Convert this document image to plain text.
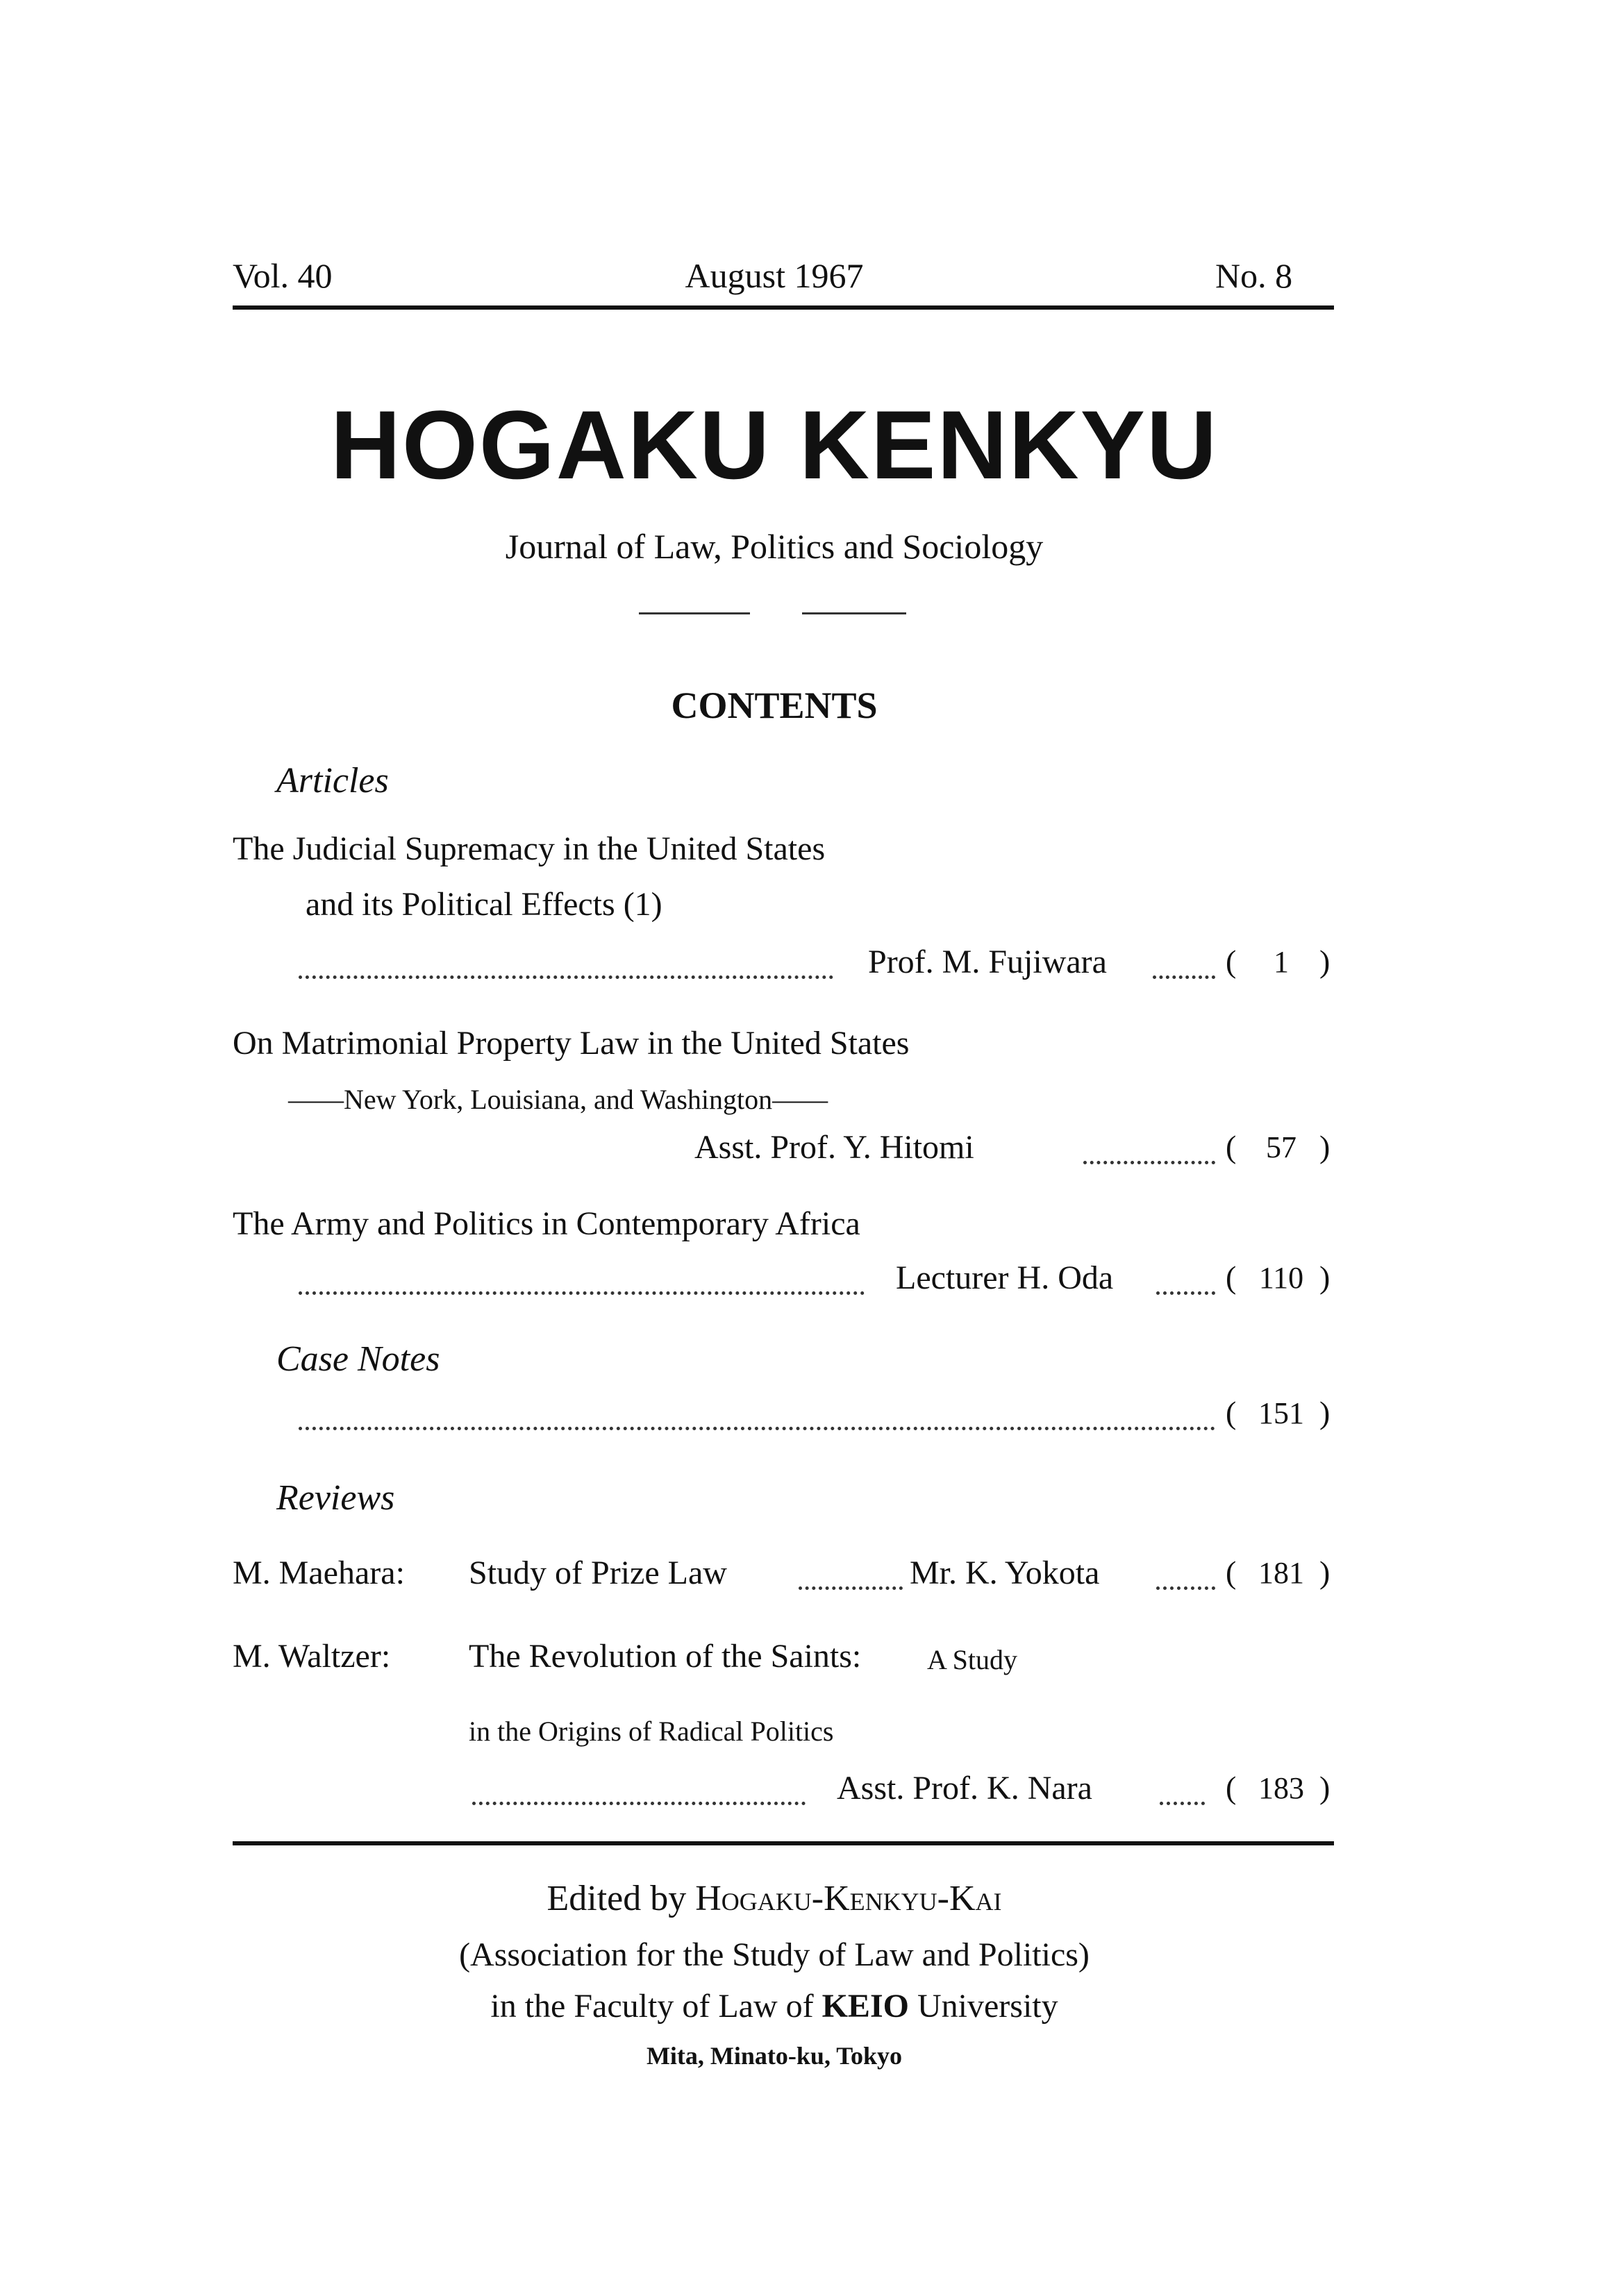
Vol. 40	August 1967	No. 8
HOGAKU KENKYU
Journal of Law, Politics and Sociology
CONTENTS
Articles
The Judicial Supremacy in the United States
and its Political Effects (1)
Prof. M. Fujiwara	(	1 )
On Matrimonial Property Law in the United States
――New York, Louisiana, and Washington――
Asst. Prof. Y. Hitomi	( 57 )
The Army and Politics in Contemporary Africa
Lecturer H. Oda	( 110 )
Case Notes
( 151 )
Reviews
M. Maehara: Study of Prize Law	Mr. K. Yokota	( 181 )
M. Waltzer: The Revolution of the Saints: A Study
in the Origins of Radical Politics
Asst. Prof. K. Nara	( 183 )
Edited by Hogaku-Kenkyu-Kai
(Association for the Study of Law and Politics)
in the Faculty of Law of KEIO University
Mita, Minato-ku, Tokyo
